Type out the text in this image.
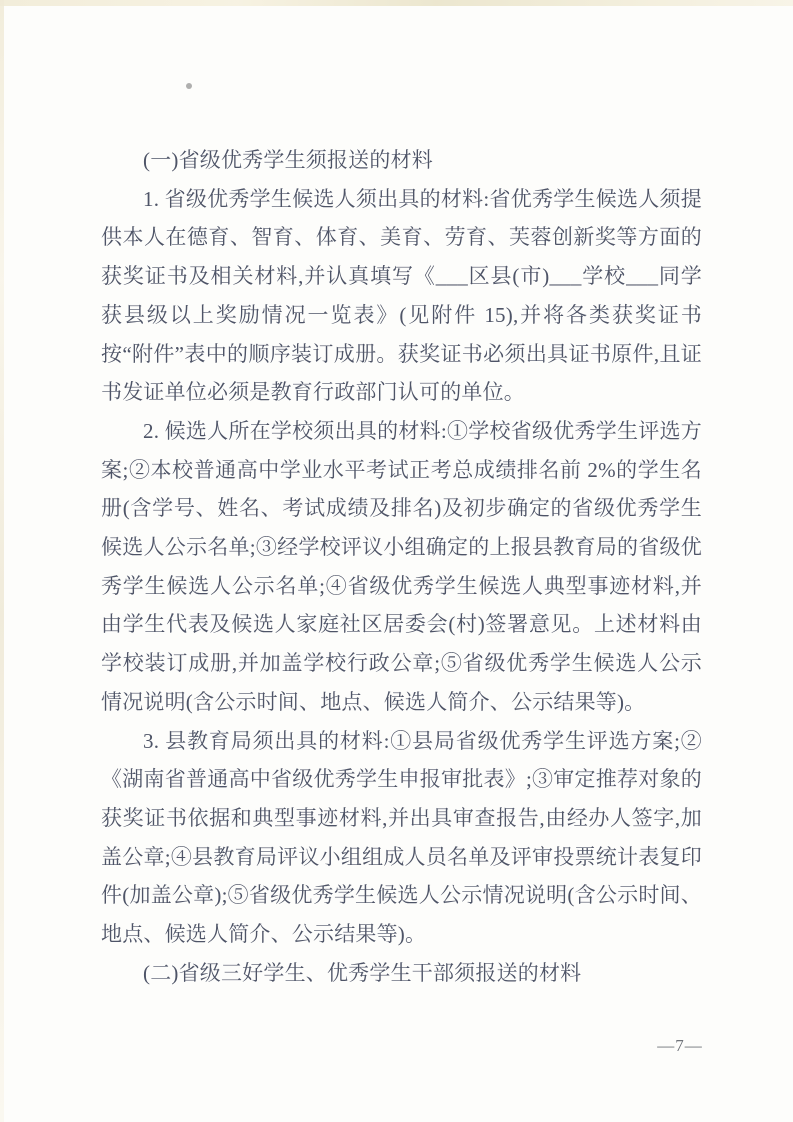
(一)省级优秀学生须报送的材料

1. 省级优秀学生候选人须出具的材料:省优秀学生候选人须提供本人在德育、智育、体育、美育、劳育、芙蓉创新奖等方面的获奖证书及相关材料,并认真填写《___区县(市)___学校___同学获县级以上奖励情况一览表》(见附件 15),并将各类获奖证书按“附件”表中的顺序装订成册。获奖证书必须出具证书原件,且证书发证单位必须是教育行政部门认可的单位。

2. 候选人所在学校须出具的材料:①学校省级优秀学生评选方案;②本校普通高中学业水平考试正考总成绩排名前 2%的学生名册(含学号、姓名、考试成绩及排名)及初步确定的省级优秀学生候选人公示名单;③经学校评议小组确定的上报县教育局的省级优秀学生候选人公示名单;④省级优秀学生候选人典型事迹材料,并由学生代表及候选人家庭社区居委会(村)签署意见。上述材料由学校装订成册,并加盖学校行政公章;⑤省级优秀学生候选人公示情况说明(含公示时间、地点、候选人简介、公示结果等)。

3. 县教育局须出具的材料:①县局省级优秀学生评选方案;②《湖南省普通高中省级优秀学生申报审批表》;③审定推荐对象的获奖证书依据和典型事迹材料,并出具审查报告,由经办人签字,加盖公章;④县教育局评议小组组成人员名单及评审投票统计表复印件(加盖公章);⑤省级优秀学生候选人公示情况说明(含公示时间、地点、候选人简介、公示结果等)。

(二)省级三好学生、优秀学生干部须报送的材料

—7—
